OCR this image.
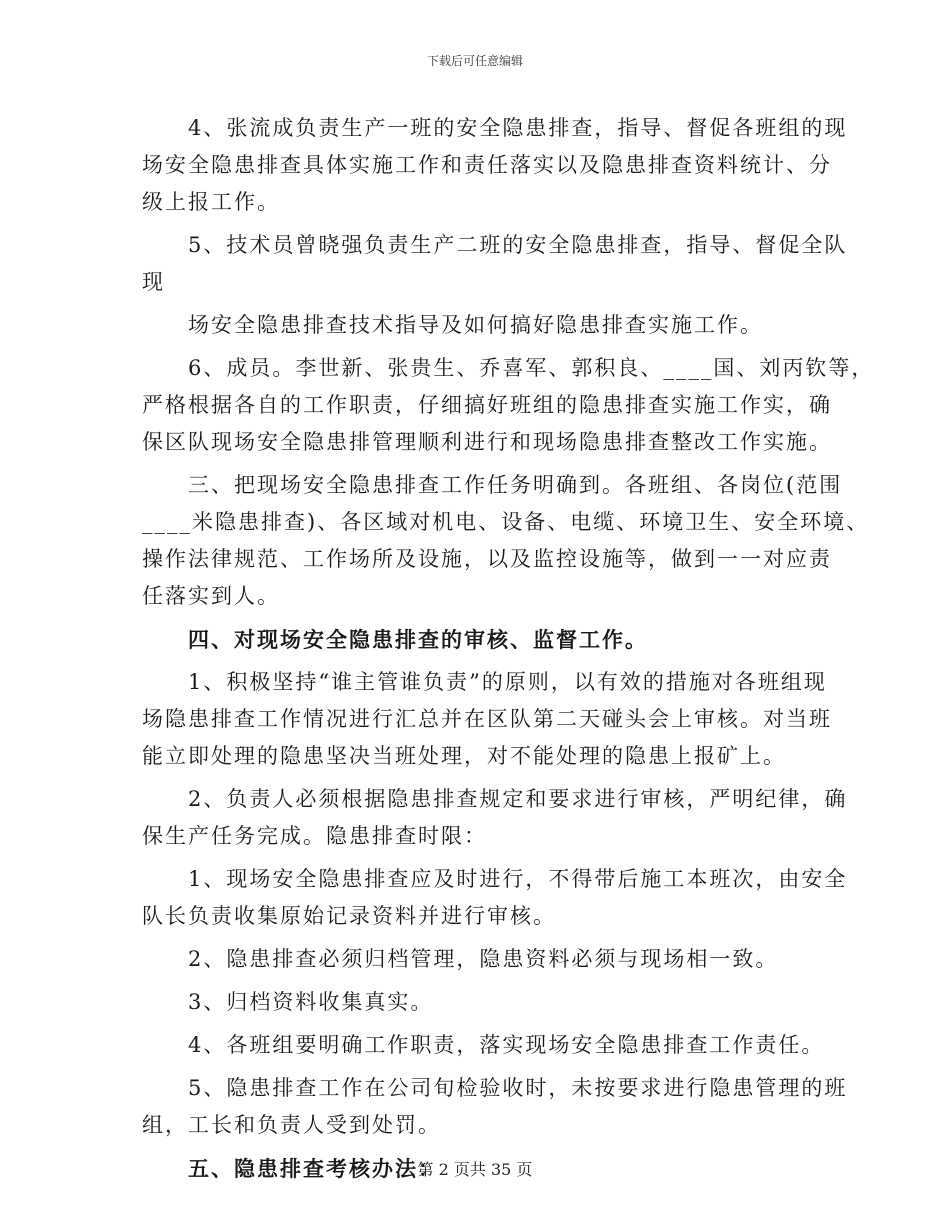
下载后可任意编辑
4、张流成负责生产一班的安全隐患排查，指导、督促各班组的现
场安全隐患排查具体实施工作和责任落实以及隐患排查资料统计、分
级上报工作。
5、技术员曾晓强负责生产二班的安全隐患排查，指导、督促全队
现
场安全隐患排查技术指导及如何搞好隐患排查实施工作。
6、成员。李世新、张贵生、乔喜军、郭积良、____国、刘丙钦等，
严格根据各自的工作职责，仔细搞好班组的隐患排查实施工作实，确
保区队现场安全隐患排管理顺利进行和现场隐患排查整改工作实施。
三、把现场安全隐患排查工作任务明确到。各班组、各岗位(范围
____米隐患排查)、各区域对机电、设备、电缆、环境卫生、安全环境、
操作法律规范、工作场所及设施，以及监控设施等，做到一一对应责
任落实到人。
四、对现场安全隐患排查的审核、监督工作。
1、积极坚持“谁主管谁负责”的原则，以有效的措施对各班组现
场隐患排查工作情况进行汇总并在区队第二天碰头会上审核。对当班
能立即处理的隐患坚决当班处理，对不能处理的隐患上报矿上。
2、负责人必须根据隐患排查规定和要求进行审核，严明纪律，确
保生产任务完成。隐患排查时限：
1、现场安全隐患排查应及时进行，不得带后施工本班次，由安全
队长负责收集原始记录资料并进行审核。
2、隐患排查必须归档管理，隐患资料必须与现场相一致。
3、归档资料收集真实。
4、各班组要明确工作职责，落实现场安全隐患排查工作责任。
5、隐患排查工作在公司旬检验收时，未按要求进行隐患管理的班
组，工长和负责人受到处罚。
五、隐患排查考核办法：
第 2 页共 35 页
